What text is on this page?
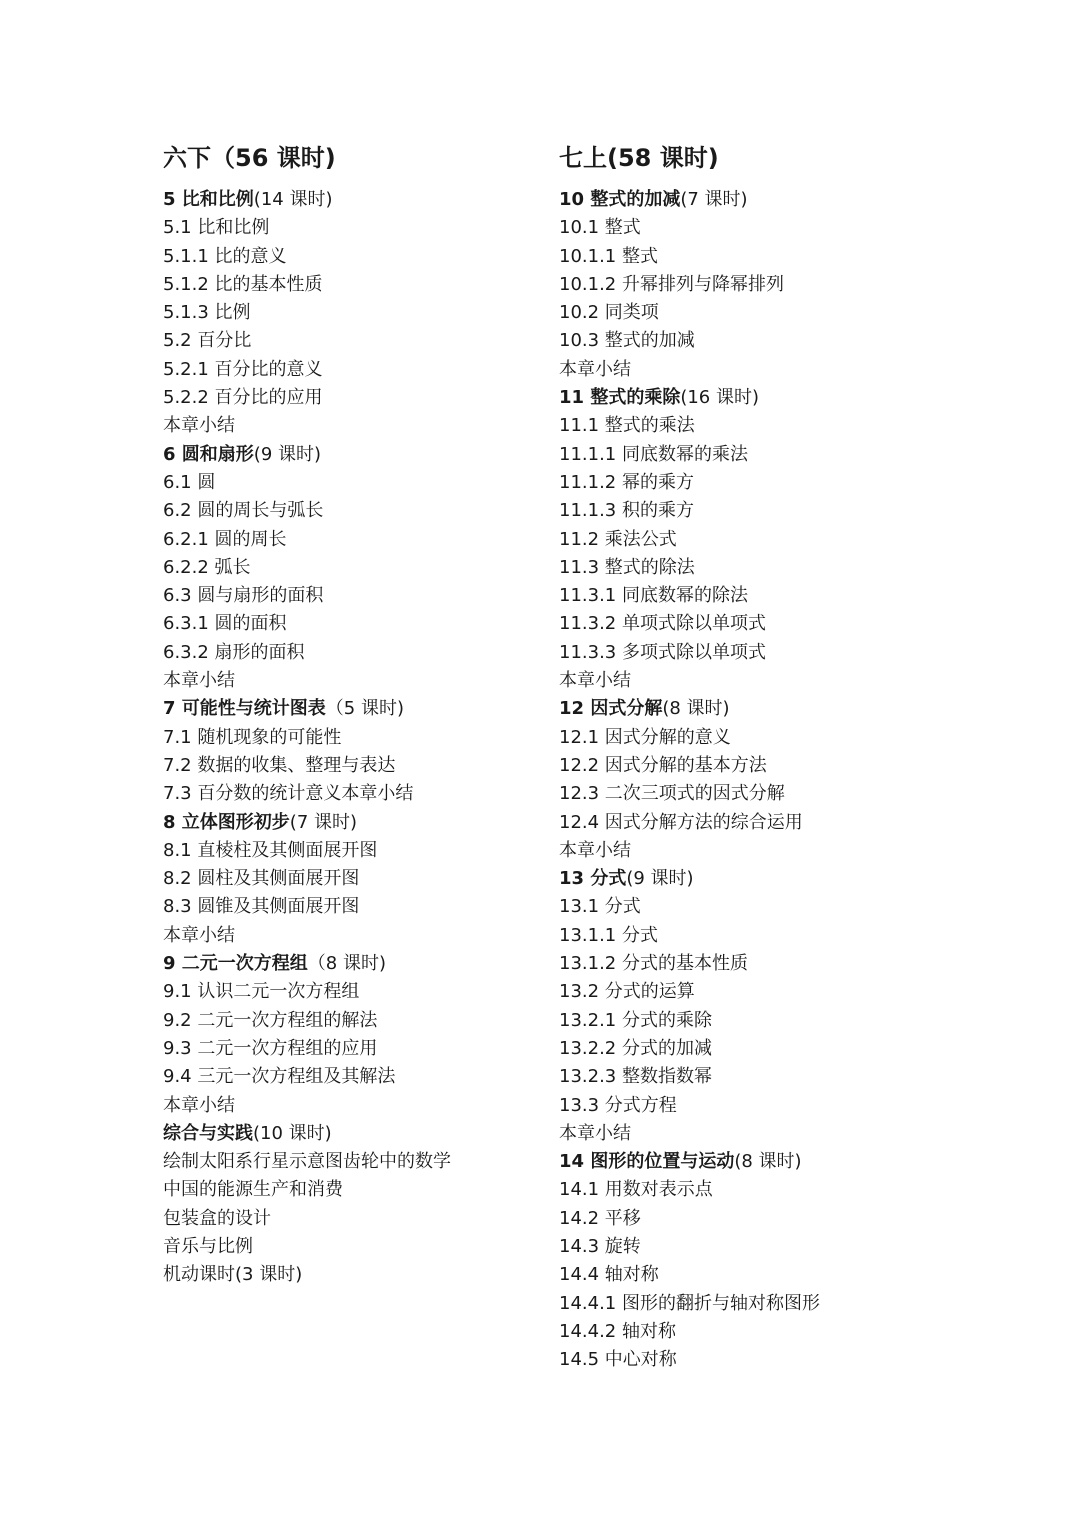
六下（56 课时)
5 比和比例(14 课时)
5.1 比和比例
5.1.1 比的意义
5.1.2 比的基本性质
5.1.3 比例
5.2 百分比
5.2.1 百分比的意义
5.2.2 百分比的应用
本章小结
6 圆和扇形(9 课时)
6.1 圆
6.2 圆的周长与弧长
6.2.1 圆的周长
6.2.2 弧长
6.3 圆与扇形的面积
6.3.1 圆的面积
6.3.2 扇形的面积
本章小结
7 可能性与统计图表（5 课时)
7.1 随机现象的可能性
7.2 数据的收集、整理与表达
7.3 百分数的统计意义本章小结
8 立体图形初步(7 课时)
8.1 直棱柱及其侧面展开图
8.2 圆柱及其侧面展开图
8.3 圆锥及其侧面展开图
本章小结
9 二元一次方程组（8 课时)
9.1 认识二元一次方程组
9.2 二元一次方程组的解法
9.3 二元一次方程组的应用
9.4 三元一次方程组及其解法
本章小结
综合与实践(10 课时)
绘制太阳系行星示意图齿轮中的数学
中国的能源生产和消费
包装盒的设计
音乐与比例
机动课时(3 课时)
七上(58 课时)
10 整式的加减(7 课时)
10.1 整式
10.1.1 整式
10.1.2 升幂排列与降幂排列
10.2 同类项
10.3 整式的加减
本章小结
11 整式的乘除(16 课时)
11.1 整式的乘法
11.1.1 同底数幂的乘法
11.1.2 幂的乘方
11.1.3 积的乘方
11.2 乘法公式
11.3 整式的除法
11.3.1 同底数幂的除法
11.3.2 单项式除以单项式
11.3.3 多项式除以单项式
本章小结
12 因式分解(8 课时)
12.1 因式分解的意义
12.2 因式分解的基本方法
12.3 二次三项式的因式分解
12.4 因式分解方法的综合运用
本章小结
13 分式(9 课时)
13.1 分式
13.1.1 分式
13.1.2 分式的基本性质
13.2 分式的运算
13.2.1 分式的乘除
13.2.2 分式的加减
13.2.3 整数指数幂
13.3 分式方程
本章小结
14 图形的位置与运动(8 课时)
14.1 用数对表示点
14.2 平移
14.3 旋转
14.4 轴对称
14.4.1 图形的翻折与轴对称图形
14.4.2 轴对称
14.5 中心对称
